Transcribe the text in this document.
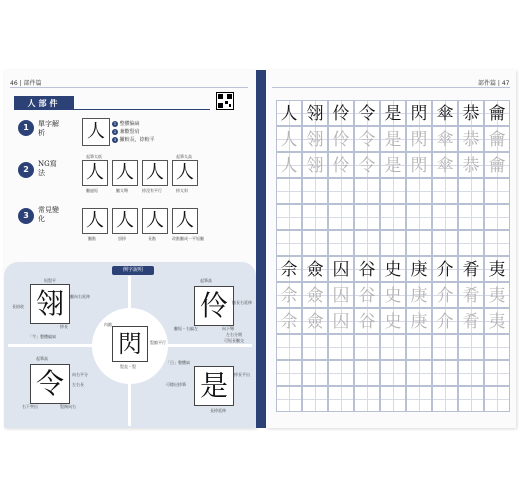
46 | 部件篇
人部件
1	單字解析	人	1 整體偏扁
2 兼歡豎肩
3 撇較長，捺較平
2
NG寫法
起筆太低	起筆太高
人 人 人 人
撇過短	撇太彎	捺沒有平行	捺太斜
3
常見變化	人 人 人 人
撇點	頂捺	長點	改點撇成一平短撇
例字說明
翎
短豎平
撇向右延伸
長鉛收
捺長
「令」整體偏扁
伶
起筆高
撇長右延伸
撇短・右偏左	向下彎
左右分開
可短長撇交
閃
內縮
豎縮平行
豎直・豎
令
起筆高
向右平分
左右長
右下突出	豎鉤向右
是
「日」整體扁
捺長平出
可標出捺筆
長捺延伸
部件篇 | 47
人 翎 伶 令 是 閃 傘 恭 龠
人 翎 伶 令 是 閃 傘 恭 龠
人 翎 伶 令 是 閃 傘 恭 龠
佘 僉 囚 谷 史 庚 介 肴 夷
佘 僉 囚 谷 史 庚 介 肴 夷
佘 僉 囚 谷 史 庚 介 肴 夷
